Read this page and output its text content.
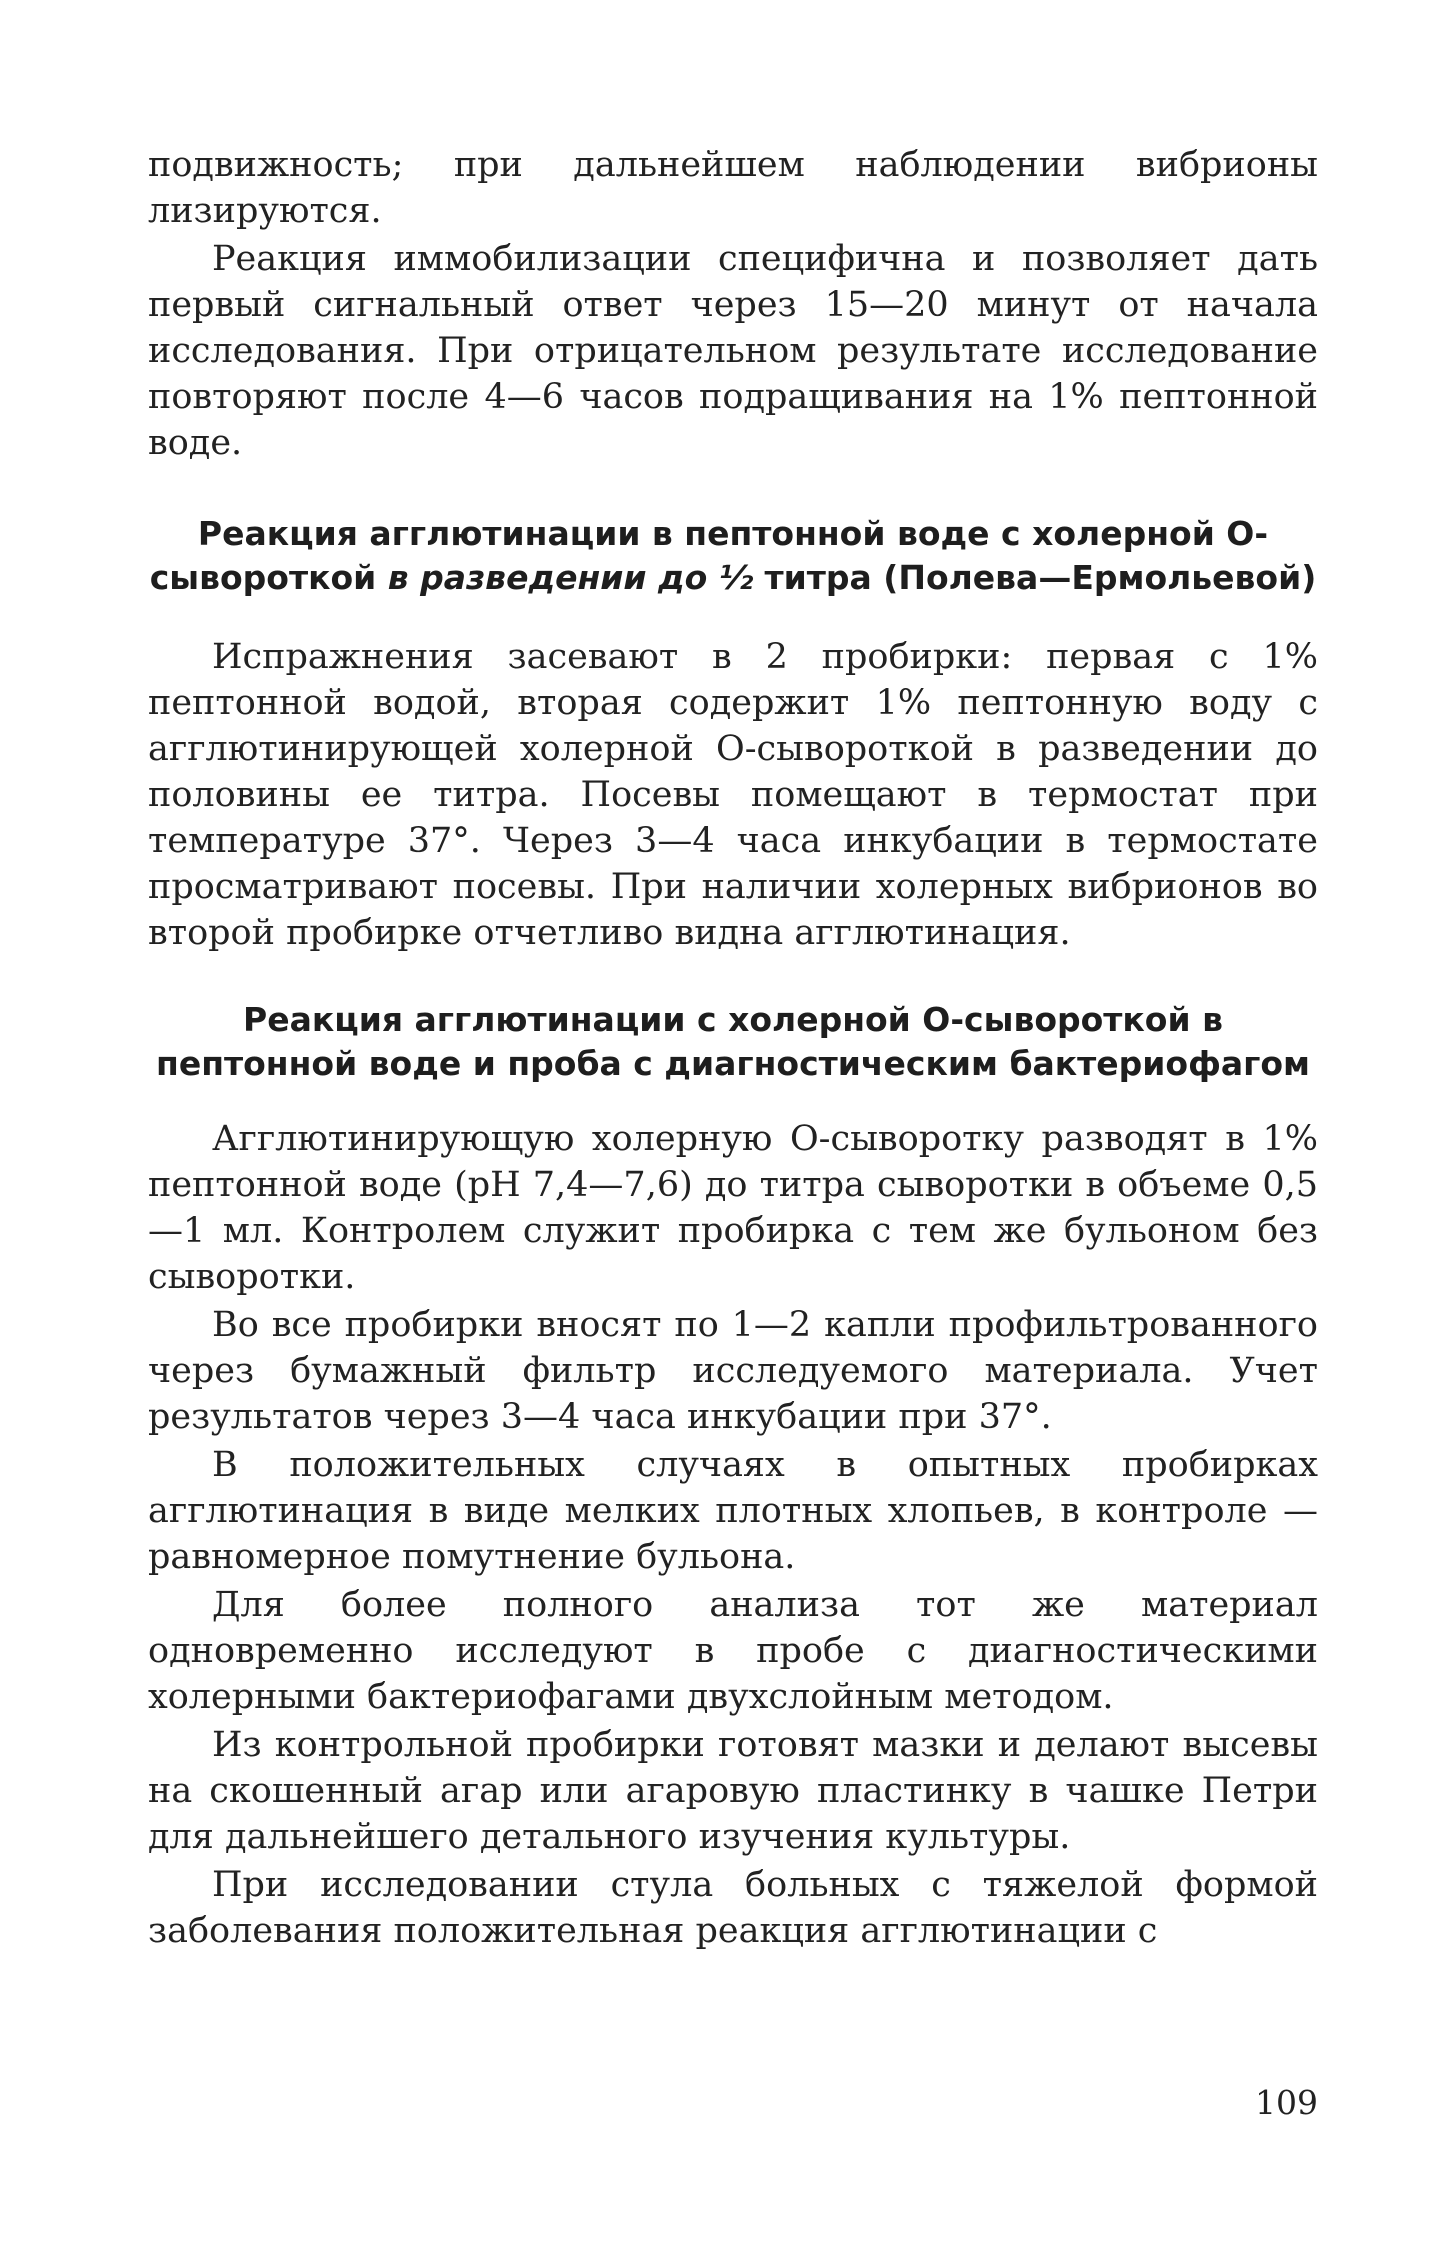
подвижность; при дальнейшем наблюдении вибрионы лизируются.

Реакция иммобилизации специфична и позволяет дать первый сигнальный ответ через 15—20 минут от начала исследования. При отрицательном результате исследование повторяют после 4—6 часов подращивания на 1% пептонной воде.

Реакция агглютинации в пептонной воде с холерной О-сывороткой в разведении до ½ титра (Полева—Ермольевой)

Испражнения засевают в 2 пробирки: первая с 1% пептонной водой, вторая содержит 1% пептонную воду с агглютинирующей холерной О-сывороткой в разведении до половины ее титра. Посевы помещают в термостат при температуре 37°. Через 3—4 часа инкубации в термостате просматривают посевы. При наличии холерных вибрионов во второй пробирке отчетливо видна агглютинация.

Реакция агглютинации с холерной О-сывороткой в пептонной воде и проба с диагностическим бактериофагом

Агглютинирующую холерную О-сыворотку разводят в 1% пептонной воде (рН 7,4—7,6) до титра сыворотки в объеме 0,5—1 мл. Контролем служит пробирка с тем же бульоном без сыворотки.

Во все пробирки вносят по 1—2 капли профильтрованного через бумажный фильтр исследуемого материала. Учет результатов через 3—4 часа инкубации при 37°.

В положительных случаях в опытных пробирках агглютинация в виде мелких плотных хлопьев, в контроле — равномерное помутнение бульона.

Для более полного анализа тот же материал одновременно исследуют в пробе с диагностическими холерными бактериофагами двухслойным методом.

Из контрольной пробирки готовят мазки и делают высевы на скошенный агар или агаровую пластинку в чашке Петри для дальнейшего детального изучения культуры.

При исследовании стула больных с тяжелой формой заболевания положительная реакция агглютинации с

109
